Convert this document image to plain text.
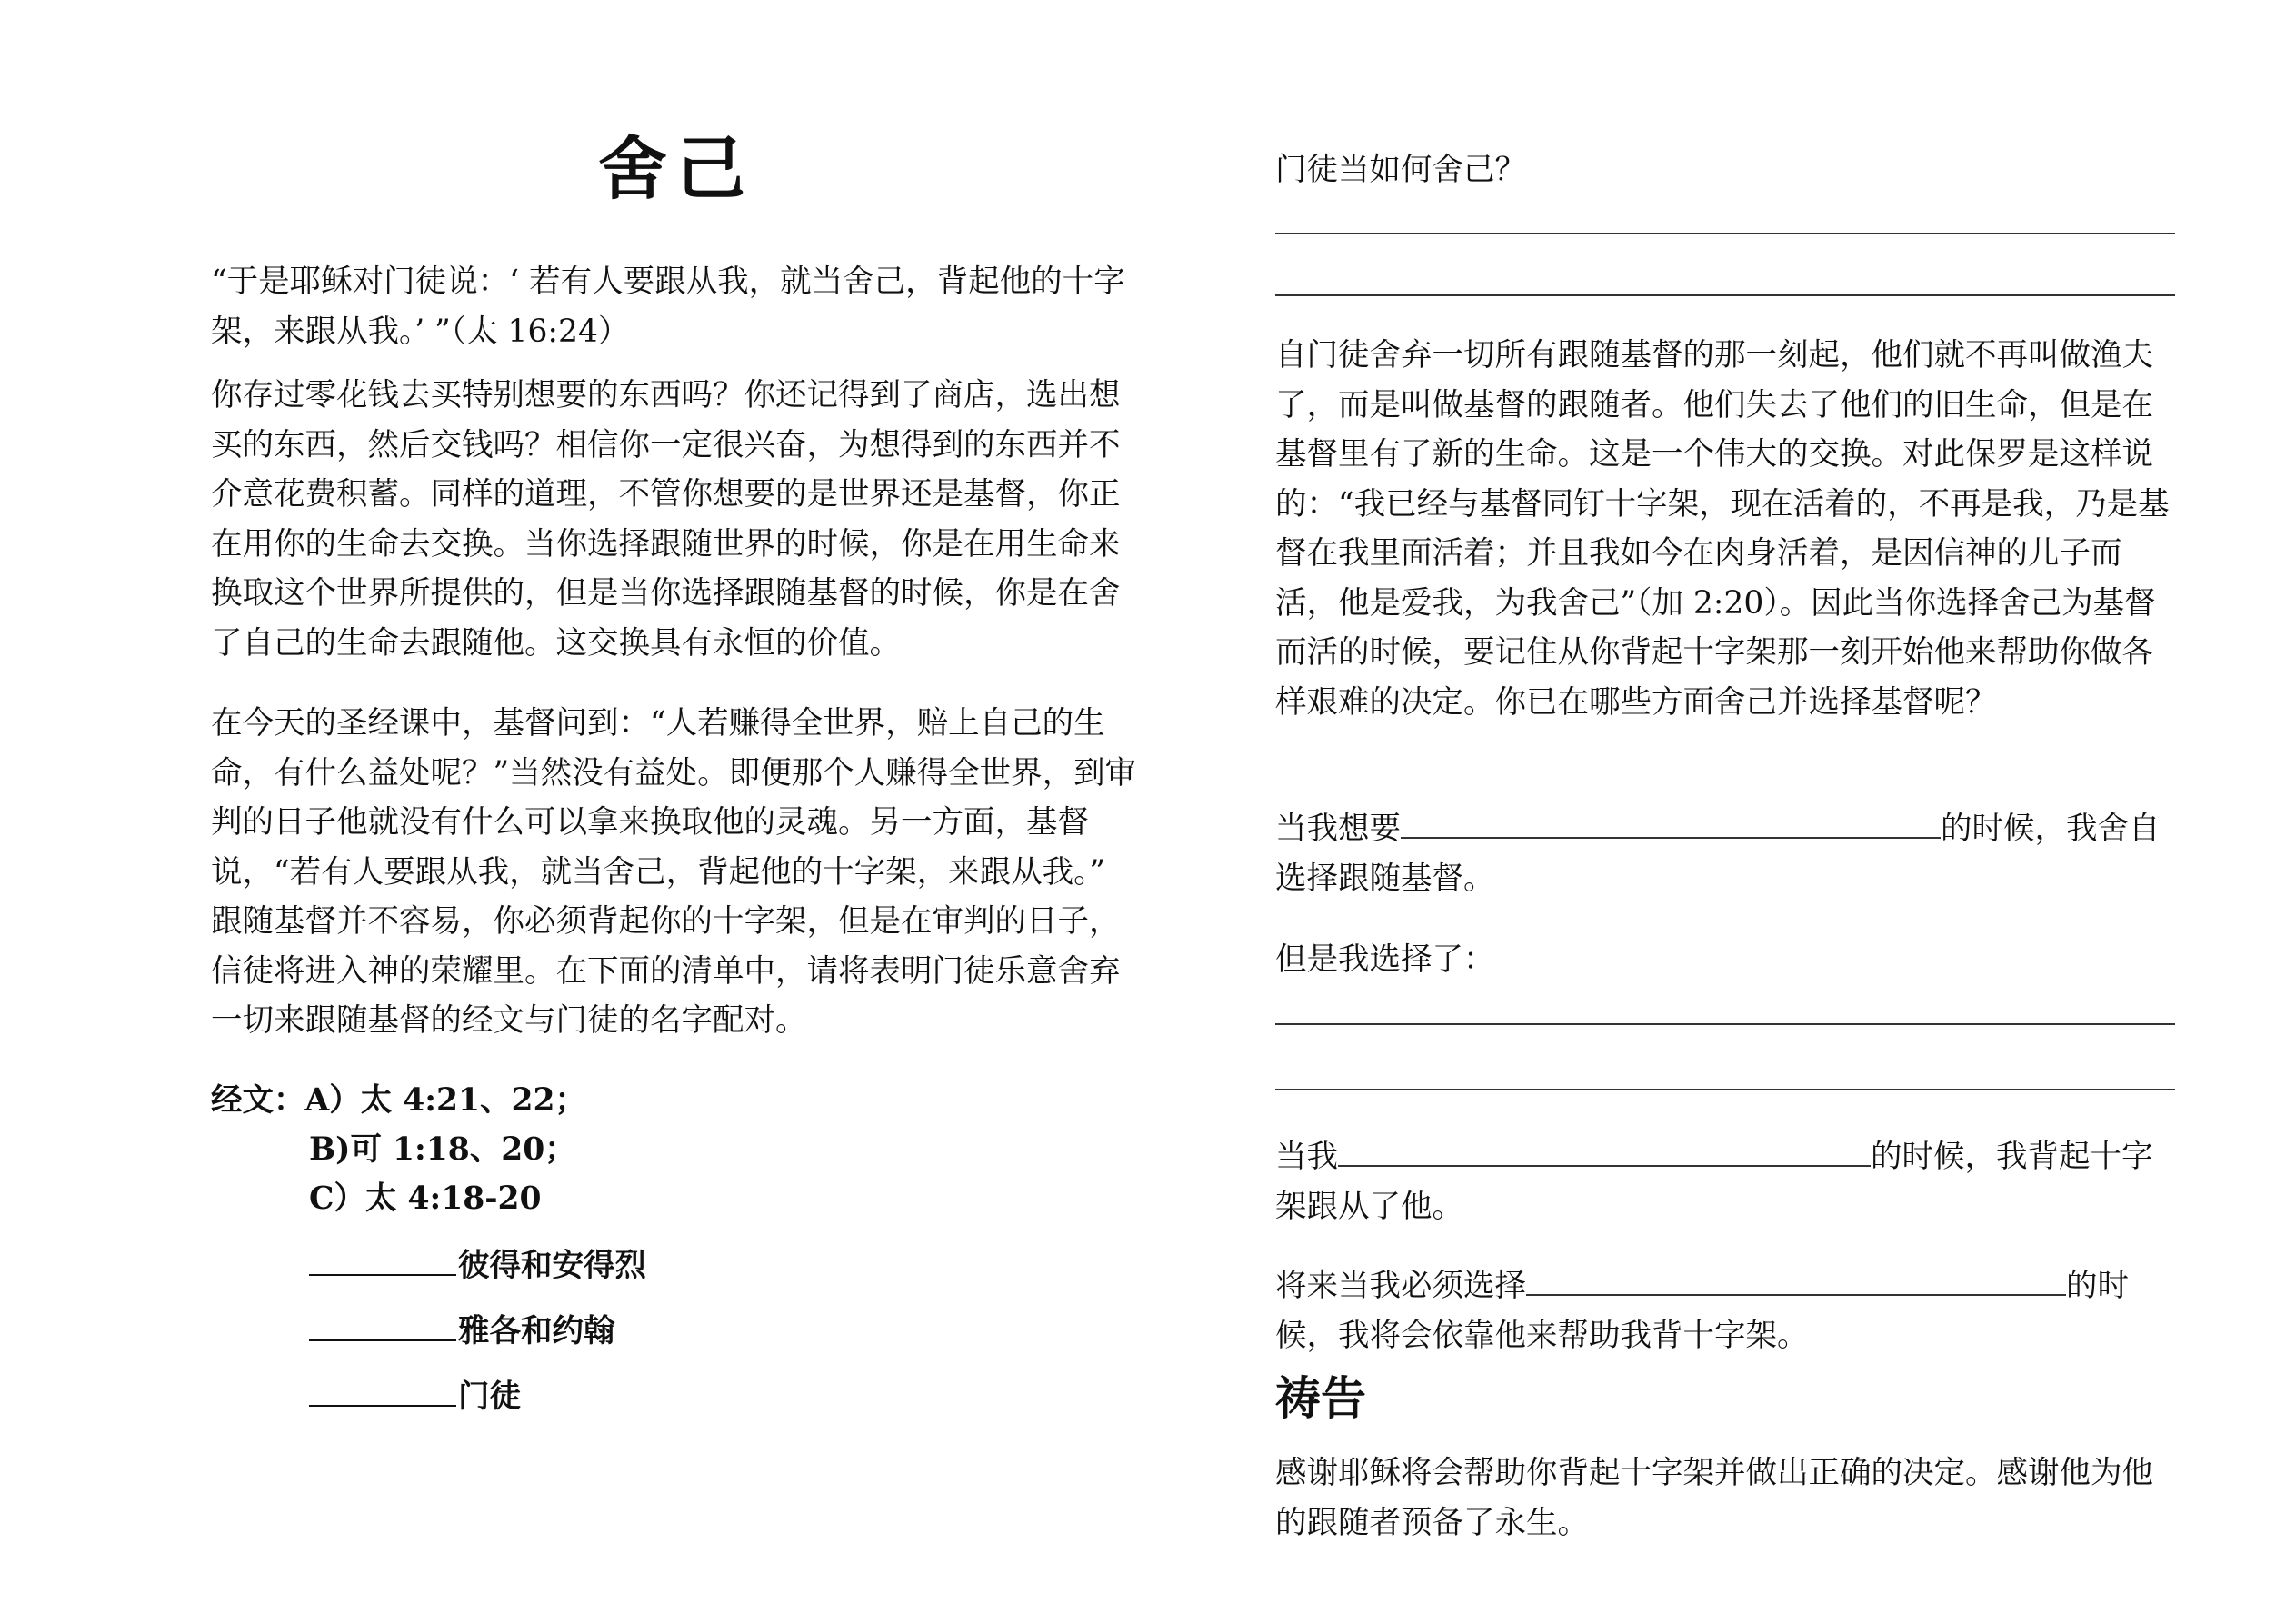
舍己

“于是耶稣对门徒说：‘ 若有人要跟从我，就当舍己，背起他的十字架，来跟从我。’ ”（太 16:24）

你存过零花钱去买特别想要的东西吗？你还记得到了商店，选出想买的东西，然后交钱吗？相信你一定很兴奋，为想得到的东西并不介意花费积蓄。同样的道理，不管你想要的是世界还是基督，你正在用你的生命去交换。当你选择跟随世界的时候，你是在用生命来换取这个世界所提供的，但是当你选择跟随基督的时候，你是在舍了自己的生命去跟随他。这交换具有永恒的价值。

在今天的圣经课中，基督问到：“人若赚得全世界，赔上自己的生命，有什么益处呢？”当然没有益处。即便那个人赚得全世界，到审判的日子他就没有什么可以拿来换取他的灵魂。另一方面，基督说，“若有人要跟从我，就当舍己，背起他的十字架，来跟从我。” 跟随基督并不容易，你必须背起你的十字架，但是在审判的日子，信徒将进入神的荣耀里。在下面的清单中，请将表明门徒乐意舍弃一切来跟随基督的经文与门徒的名字配对。

经文：A）太 4:21、22；
B)可 1:18、20；
C）太 4:18-20
彼得和安得烈
雅各和约翰
门徒

门徒当如何舍己？

自门徒舍弃一切所有跟随基督的那一刻起，他们就不再叫做渔夫了，而是叫做基督的跟随者。他们失去了他们的旧生命，但是在基督里有了新的生命。这是一个伟大的交换。对此保罗是这样说的：“我已经与基督同钉十字架，现在活着的，不再是我，乃是基督在我里面活着；并且我如今在肉身活着，是因信神的儿子而活，他是爱我，为我舍己”（加 2:20）。因此当你选择舍己为基督而活的时候，要记住从你背起十字架那一刻开始他来帮助你做各样艰难的决定。你已在哪些方面舍己并选择基督呢？

当我想要	的时候，我舍自
选择跟随基督。

但是我选择了：

当我	的时候，我背起十字
架跟从了他。

将来当我必须选择	的时
候，我将会依靠他来帮助我背十字架。

祷告

感谢耶稣将会帮助你背起十字架并做出正确的决定。感谢他为他的跟随者预备了永生。
